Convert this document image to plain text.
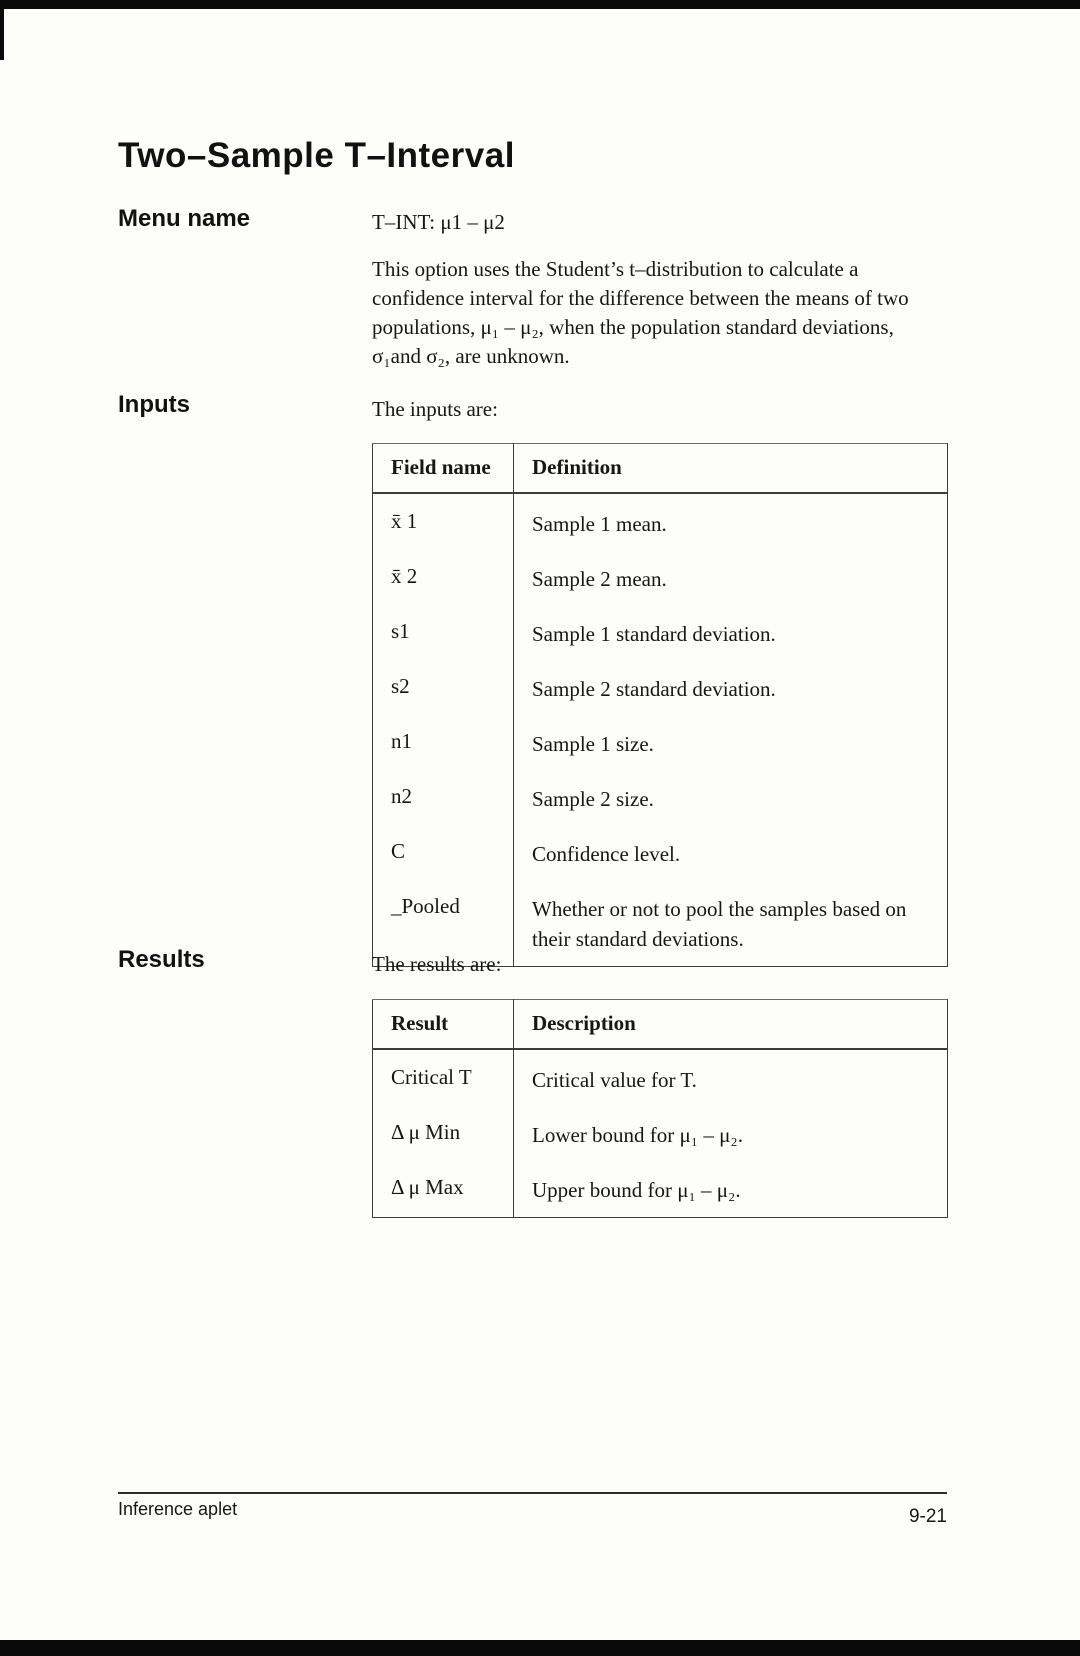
Two–Sample T–Interval
Menu name	T–INT: μ1 – μ2
This option uses the Student’s t–distribution to calculate a confidence interval for the difference between the means of two populations, μ₁ – μ₂, when the population standard deviations, σ₁and σ₂, are unknown.
Inputs	The inputs are:
Field name	Definition
x̄ 1	Sample 1 mean.
x̄ 2	Sample 2 mean.
s1	Sample 1 standard deviation.
s2	Sample 2 standard deviation.
n1	Sample 1 size.
n2	Sample 2 size.
C	Confidence level.
_Pooled	Whether or not to pool the samples based on their standard deviations.
Results	The results are:
Result	Description
Critical T	Critical value for T.
Δ μ Min	Lower bound for μ₁ – μ₂.
Δ μ Max	Upper bound for μ₁ – μ₂.
Inference aplet	9-21
